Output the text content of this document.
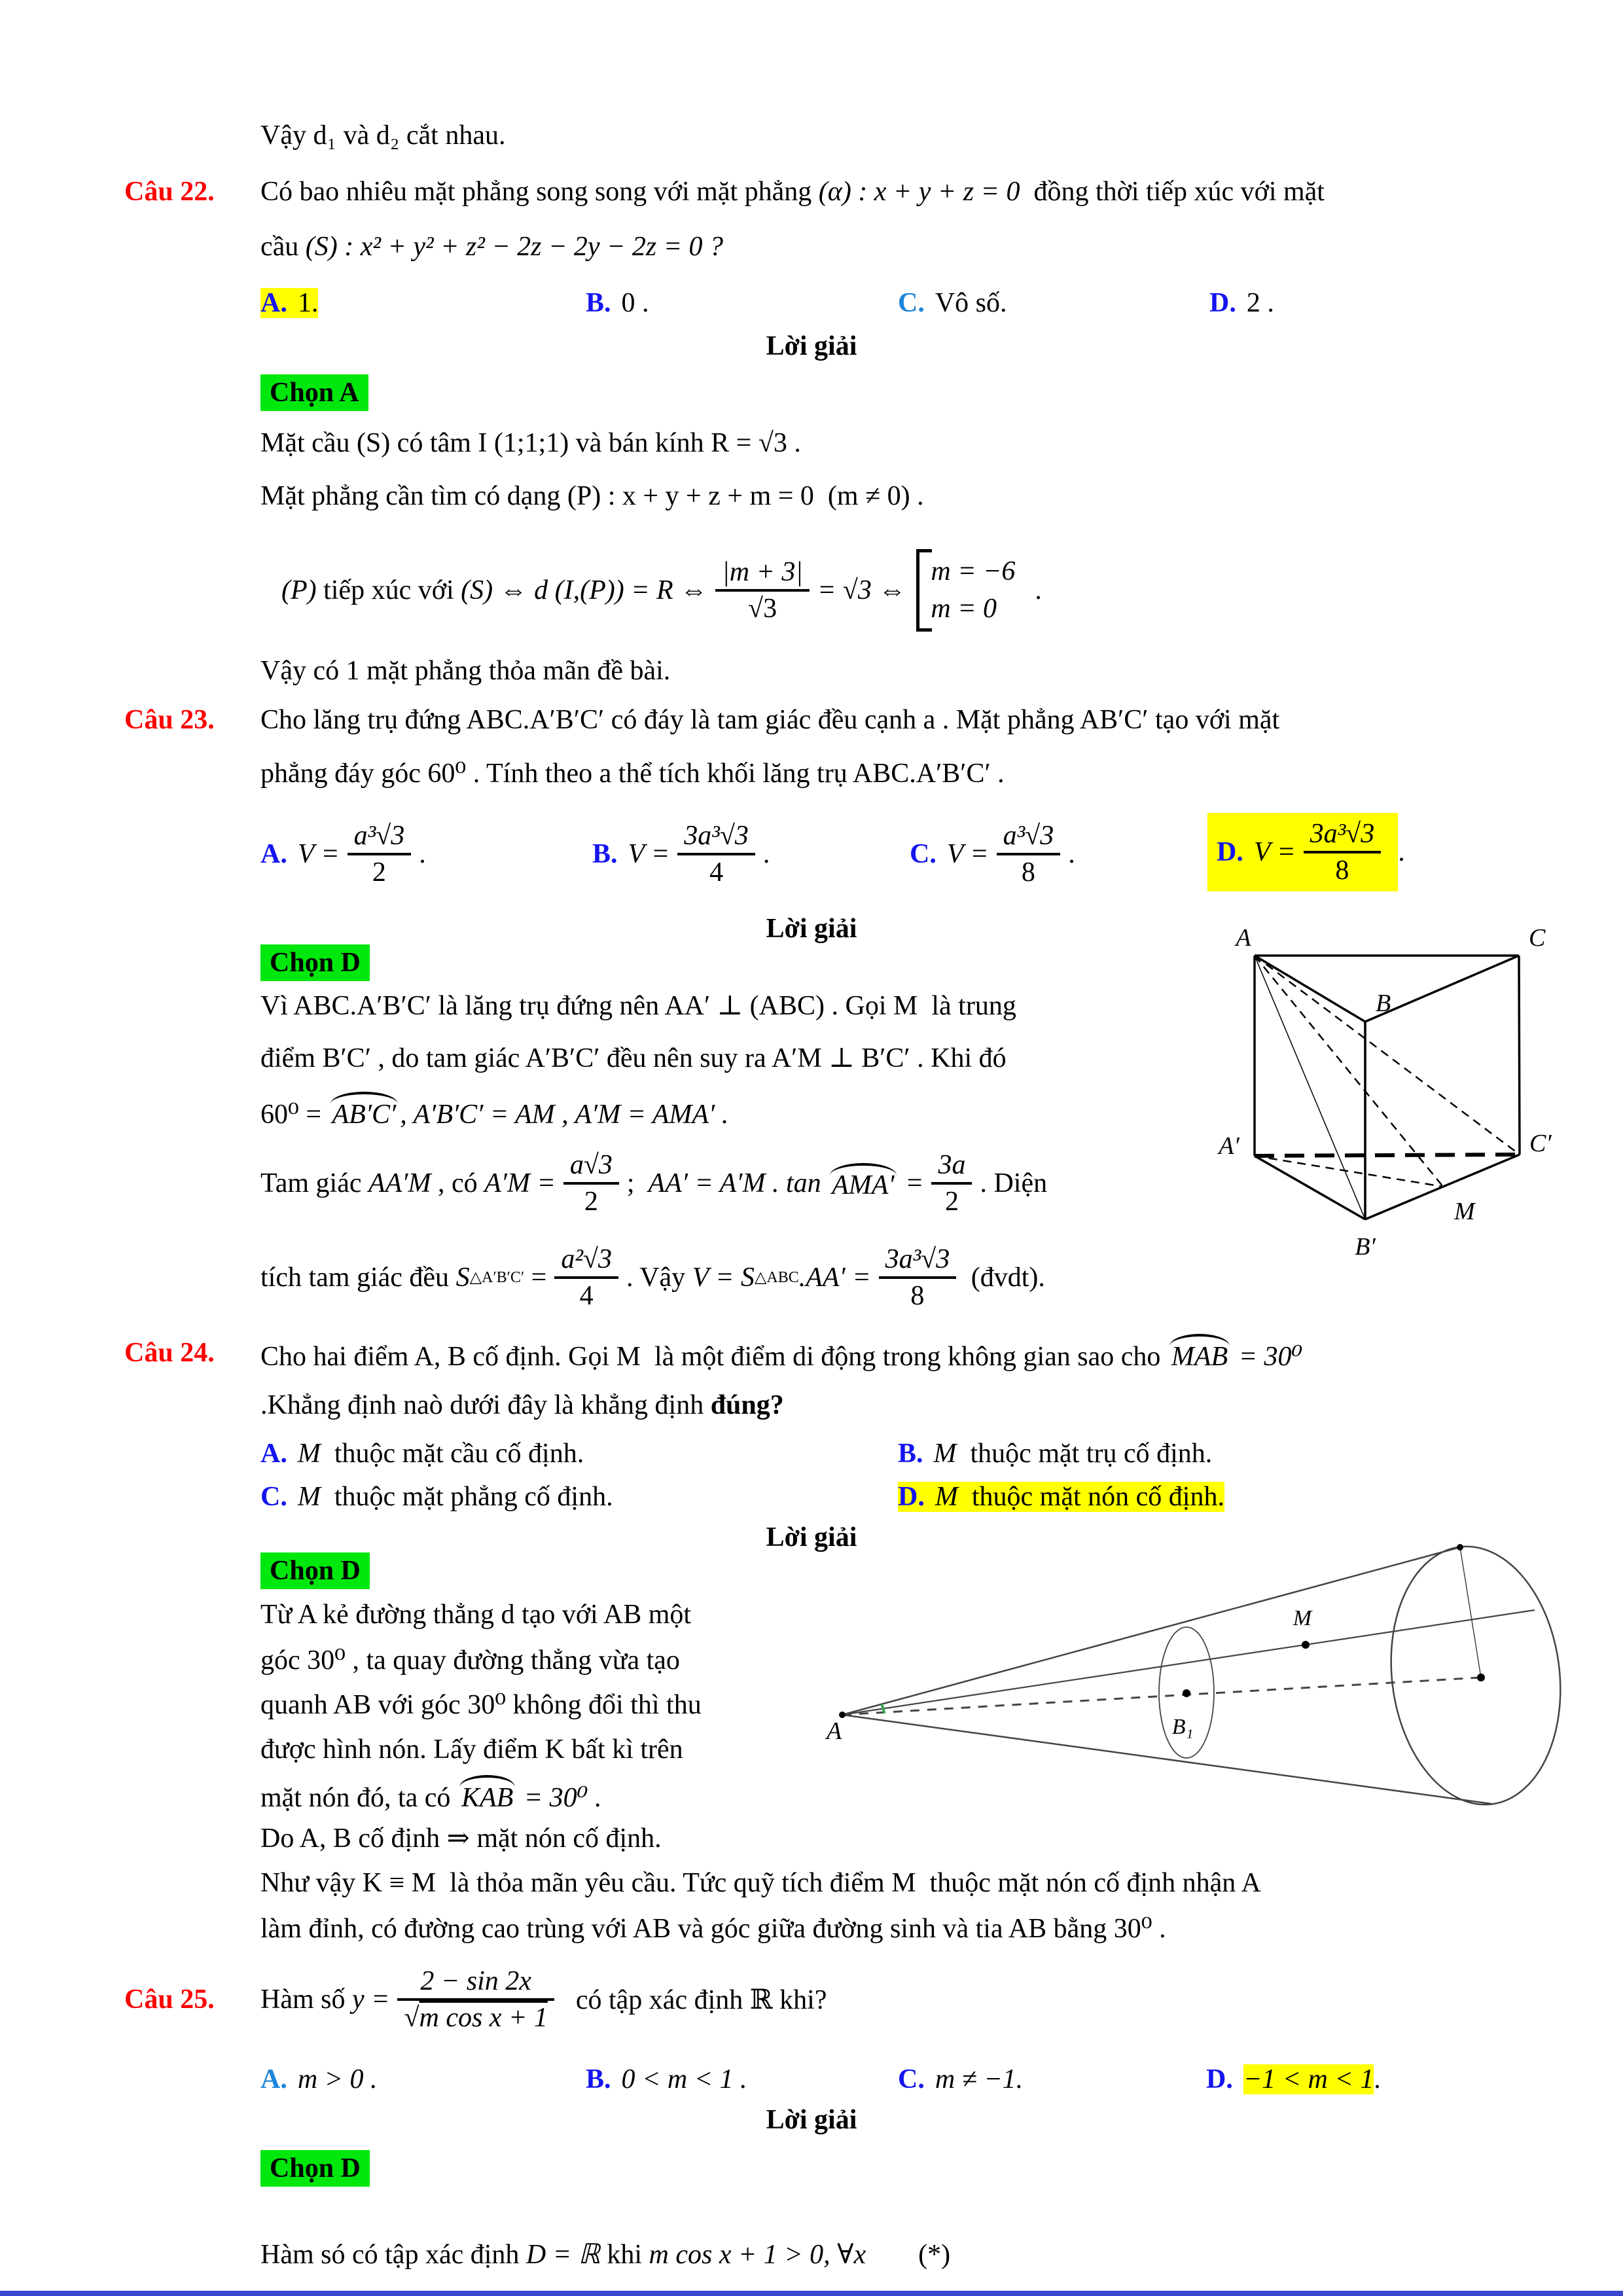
Vậy d₁ và d₂ cắt nhau.
Câu 22. Có bao nhiêu mặt phẳng song song với mặt phẳng (α) : x + y + z = 0  đồng thời tiếp xúc với mặt
cầu (S) : x² + y² + z² − 2z − 2y − 2z = 0 ?
A. 1.	B. 0 .	C. Vô số.	D. 2 .
Lời giải
Chọn A
Mặt cầu (S) có tâm I (1;1;1) và bán kính R = √3 .
Mặt phẳng cần tìm có dạng (P) : x + y + z + m = 0  (m ≠ 0) .
(P) tiếp xúc với (S) ⇔ d (I,(P)) = R ⇔ $\frac{|m + 3|}{√3} = √3$ ⇔
m = −6
m = 0
.
Vậy có 1 mặt phẳng thỏa mãn đề bài.
Câu 23. Cho lăng trụ đứng ABC.A′B′C′ có đáy là tam giác đều cạnh a . Mặt phẳng AB′C′ tạo với mặt
phẳng đáy góc 60⁰ . Tính theo a thể tích khối lăng trụ ABC.A′B′C′ .
A. $V = \frac{\text{a³√3}}{2}$ .	B. $V = \frac{\text{3a³√3}}{4}$ .	C. $V = \frac{\text{a³√3}}{8}$ .	D. $V = \frac{\text{3a³√3}}{8}$ .
Lời giải
Chọn D
Vì ABC.A′B′C′ là lăng trụ đứng nên AA′ ⊥ (ABC) . Gọi M  là trung
điểm B′C′ , do tam giác A′B′C′ đều nên suy ra A′M ⊥ B′C′ . Khi đó
60⁰ = AB′C′ , A′B′C′ = AM , A′M = AMA′ .
Tam giác AA′M , có $A'M = \frac{a√3}{2}$ ; AA′ = A′M . $\tan AMA' = \frac{3a}{2}$ . Diện
tích tam giác đều S △A′B′C′ = $\frac{\text{a²√3}}{4}$ . Vậy V = S △ABC $.AA' = \frac{\text{3a³√3}}{8}$ (đvdt).
A	C
B
A′	C′
B′
M
Câu 24. Cho hai điểm A, B cố định. Gọi M  là một điểm di động trong không gian sao cho MAB = 30⁰
.Khẳng định naò dưới đây là khẳng định đúng?
A. M  thuộc mặt cầu cố định.	B. M  thuộc mặt trụ cố định.
C. M  thuộc mặt phẳng cố định.	D. M  thuộc mặt nón cố định.
Lời giải
Chọn D
Từ A kẻ đường thẳng d tạo với AB một
góc 30⁰ , ta quay đường thẳng vừa tạo
quanh AB với góc 30⁰ không đổi thì thu
được hình nón. Lấy điểm K bất kì trên
mặt nón đó, ta có KAB = 30⁰ .
Do A, B cố định ⇒ mặt nón cố định.
Như vậy K ≡ M  là thỏa mãn yêu cầu. Tức quỹ tích điểm M  thuộc mặt nón cố định nhận A
làm đỉnh, có đường cao trùng với AB và góc giữa đường sinh và tia AB bằng 30⁰ .
A
M
B₁
Câu 25. Hàm số $y = \frac{2 - \sin 2x}{\text{√m cos x + 1}}$ có tập xác định ℝ khi?
A. m > 0 .	B. 0 < m < 1 .	C. m ≠ −1.	D. −1 < m < 1.
Lời giải
Chọn D
Hàm só có tập xác định D = ℝ khi m cos x + 1 > 0, ∀x (*)
